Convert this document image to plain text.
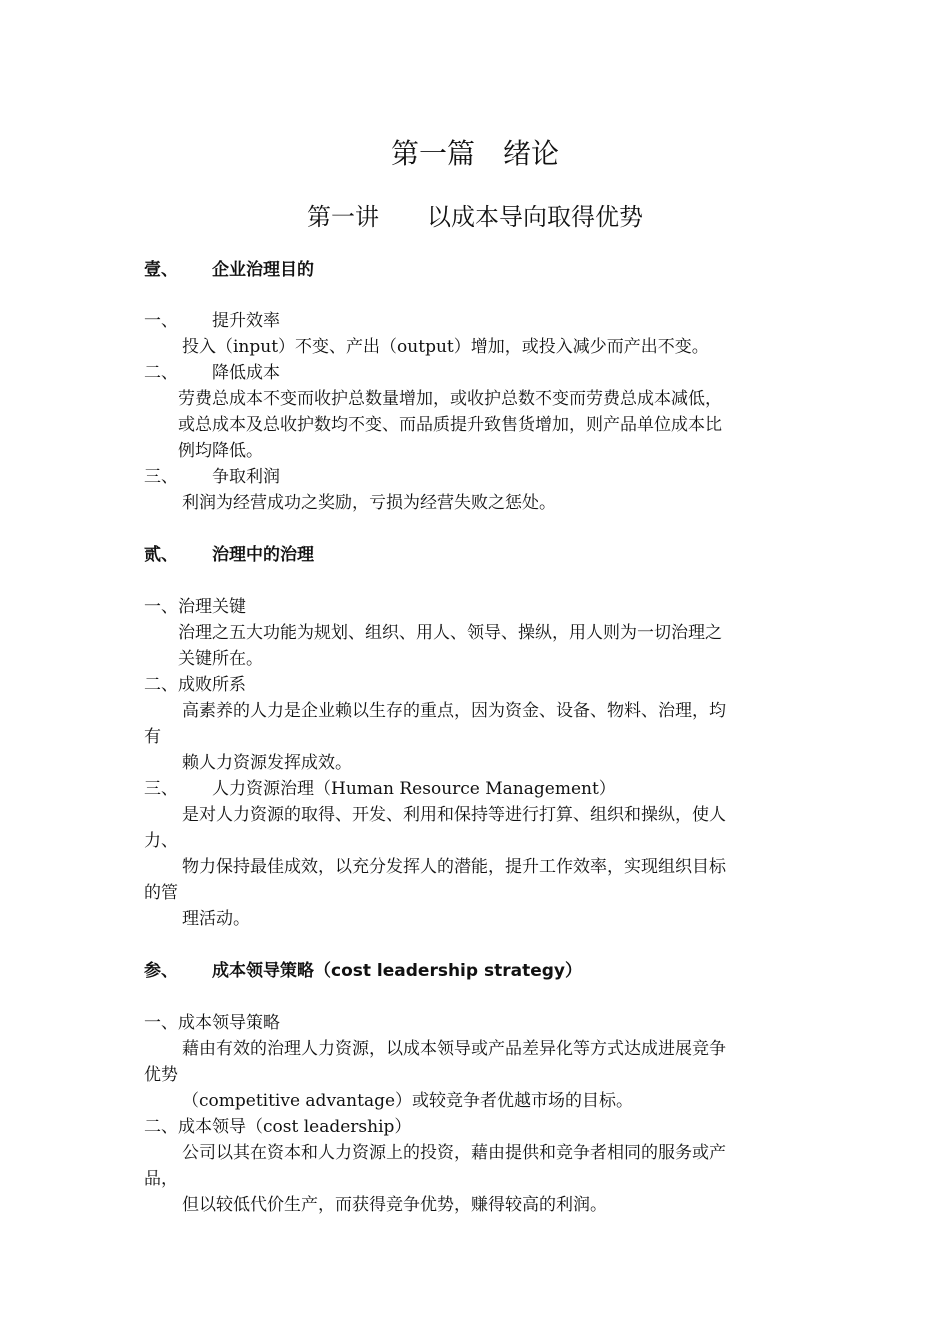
第一篇　绪论
第一讲　　以成本导向取得优势
壹、 企业治理目的
一、 提升效率
投入（input）不变、产出（output）增加，或投入减少而产出不变。
二、 降低成本
劳费总成本不变而收护总数量增加，或收护总数不变而劳费总成本减低，
或总成本及总收护数均不变、而品质提升致售货增加，则产品单位成本比
例均降低。
三、 争取利润
利润为经营成功之奖励，亏损为经营失败之惩处。
贰、 治理中的治理
一、治理关键
治理之五大功能为规划、组织、用人、领导、操纵，用人则为一切治理之
关键所在。
二、成败所系
高素养的人力是企业赖以生存的重点，因为资金、设备、物料、治理，均
有
赖人力资源发挥成效。
三、 人力资源治理（Human Resource Management）
是对人力资源的取得、开发、利用和保持等进行打算、组织和操纵，使人
力、
物力保持最佳成效，以充分发挥人的潜能，提升工作效率，实现组织目标
的管
理活动。
参、 成本领导策略（cost leadership strategy）
一、成本领导策略
藉由有效的治理人力资源，以成本领导或产品差异化等方式达成进展竞争
优势
（competitive advantage）或较竞争者优越市场的目标。
二、成本领导（cost leadership）
公司以其在资本和人力资源上的投资，藉由提供和竞争者相同的服务或产
品，
但以较低代价生产，而获得竞争优势，赚得较高的利润。
